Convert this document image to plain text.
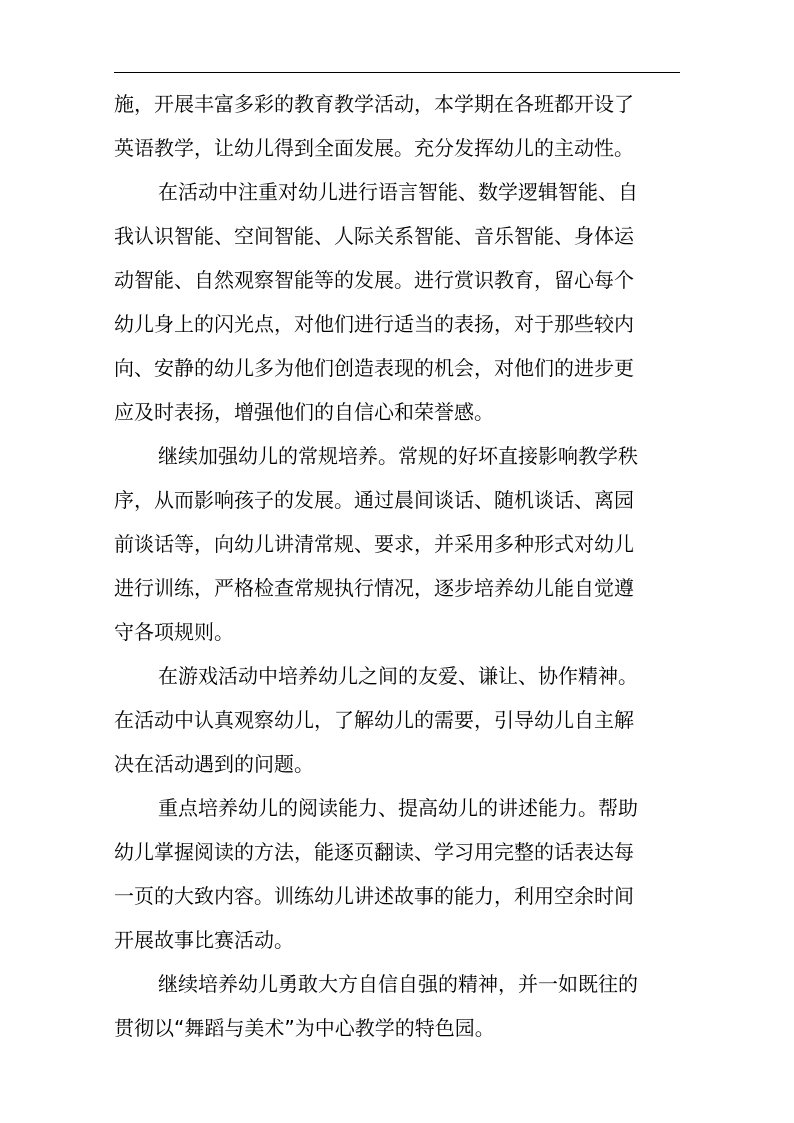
施，开展丰富多彩的教育教学活动，本学期在各班都开设了
英语教学，让幼儿得到全面发展。充分发挥幼儿的主动性。
在活动中注重对幼儿进行语言智能、数学逻辑智能、自
我认识智能、空间智能、人际关系智能、音乐智能、身体运
动智能、自然观察智能等的发展。进行赏识教育，留心每个
幼儿身上的闪光点，对他们进行适当的表扬，对于那些较内
向、安静的幼儿多为他们创造表现的机会，对他们的进步更
应及时表扬，增强他们的自信心和荣誉感。
继续加强幼儿的常规培养。常规的好坏直接影响教学秩
序，从而影响孩子的发展。通过晨间谈话、随机谈话、离园
前谈话等，向幼儿讲清常规、要求，并采用多种形式对幼儿
进行训练，严格检查常规执行情况，逐步培养幼儿能自觉遵
守各项规则。
在游戏活动中培养幼儿之间的友爱、谦让、协作精神。
在活动中认真观察幼儿，了解幼儿的需要，引导幼儿自主解
决在活动遇到的问题。
重点培养幼儿的阅读能力、提高幼儿的讲述能力。帮助
幼儿掌握阅读的方法，能逐页翻读、学习用完整的话表达每
一页的大致内容。训练幼儿讲述故事的能力，利用空余时间
开展故事比赛活动。
继续培养幼儿勇敢大方自信自强的精神，并一如既往的
贯彻以“舞蹈与美术”为中心教学的特色园。
